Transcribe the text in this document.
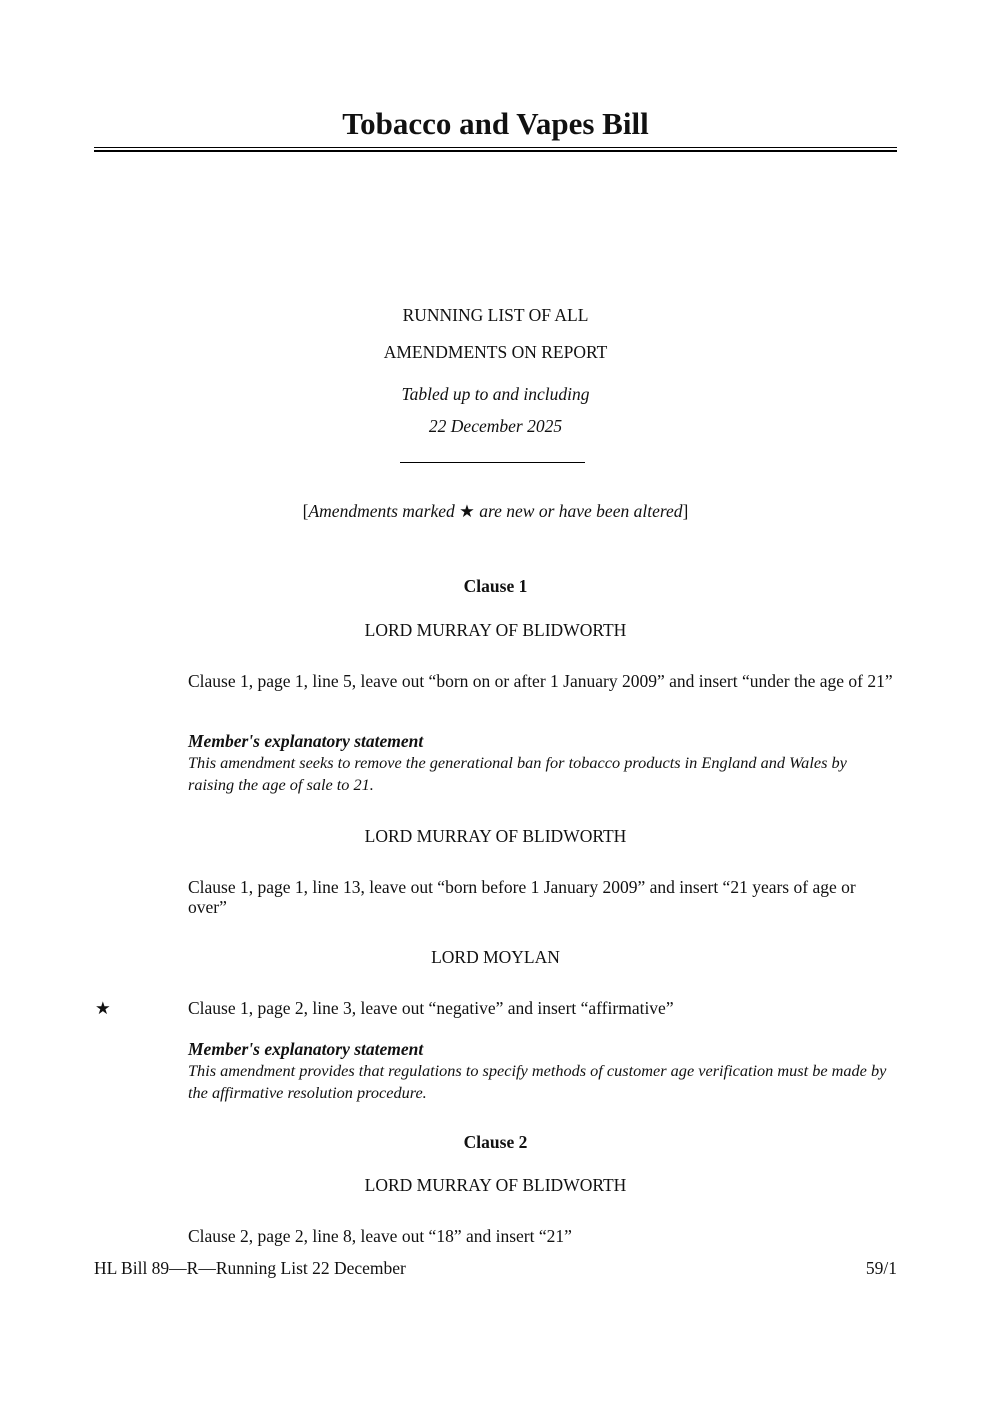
Tobacco and Vapes Bill
RUNNING LIST OF ALL
AMENDMENTS ON REPORT
Tabled up to and including
22 December 2025
[Amendments marked ★ are new or have been altered]
Clause 1
LORD MURRAY OF BLIDWORTH
Clause 1, page 1, line 5, leave out “born on or after 1 January 2009” and insert “under the age of 21”
Member's explanatory statement
This amendment seeks to remove the generational ban for tobacco products in England and Wales by raising the age of sale to 21.
LORD MURRAY OF BLIDWORTH
Clause 1, page 1, line 13, leave out “born before 1 January 2009” and insert “21 years of age or over”
LORD MOYLAN
★	Clause 1, page 2, line 3, leave out “negative” and insert “affirmative”
Member's explanatory statement
This amendment provides that regulations to specify methods of customer age verification must be made by the affirmative resolution procedure.
Clause 2
LORD MURRAY OF BLIDWORTH
Clause 2, page 2, line 8, leave out “18” and insert “21”
HL Bill 89—R—Running List 22 December	59/1
